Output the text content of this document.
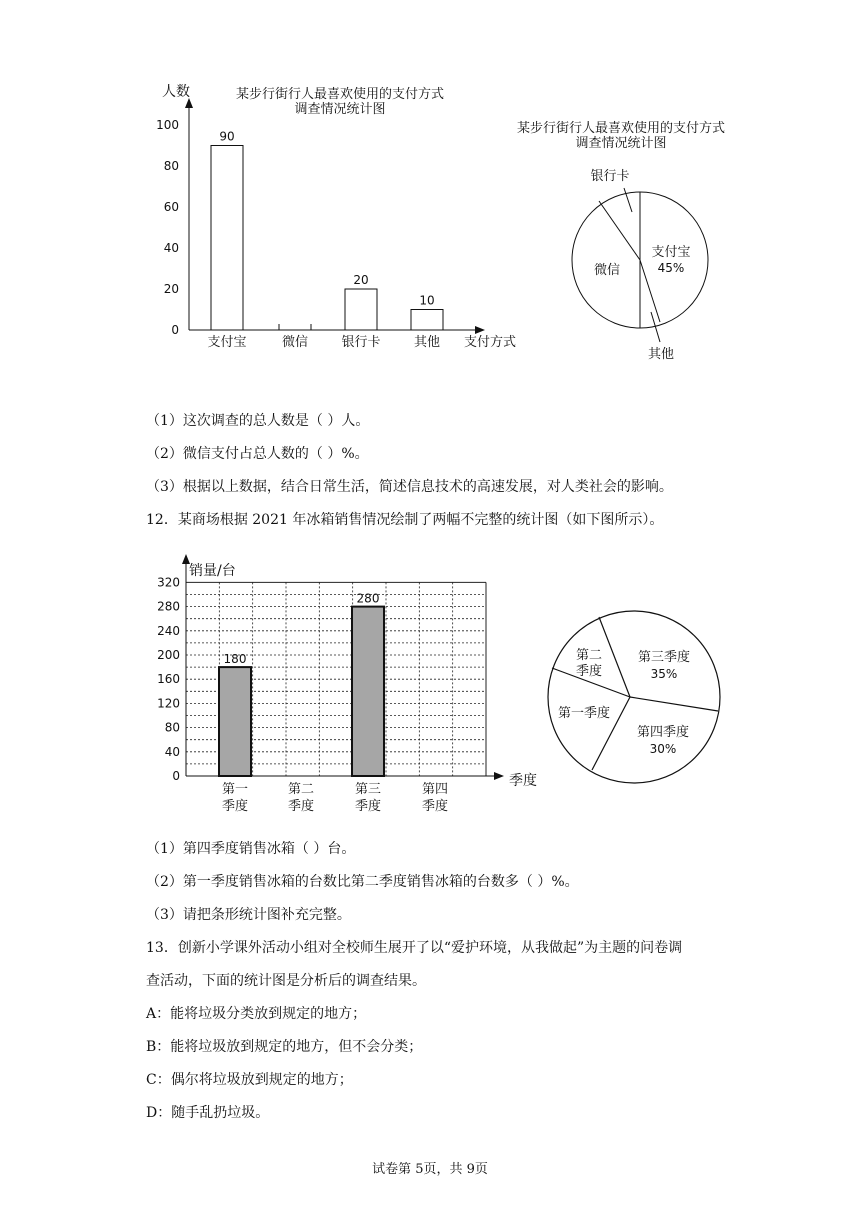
人数	某步行街行人最喜欢使用的支付方式
调查情况统计图
支付方式
100
80
60
40
20
0
支付宝
90
微信	银行卡
20
其他
10
某步行街行人最喜欢使用的支付方式
调查情况统计图
银行卡
支付宝
45%
微信
其他
（1）这次调查的总人数是（ ）人。
（2）微信支付占总人数的（ ）%。
（3）根据以上数据，结合日常生活，简述信息技术的高速发展，对人类社会的影响。
12．某商场根据 2021 年冰箱销售情况绘制了两幅不完整的统计图（如下图所示）。
销量/台
季度
320
280
240
200
160
120
80
40
0
180
280
第一
季度
第二
季度
第三
季度
第四
季度
第二
季度
第三季度
35%
第一季度
第四季度
30%
（1）第四季度销售冰箱（ ）台。
（2）第一季度销售冰箱的台数比第二季度销售冰箱的台数多（ ）%。
（3）请把条形统计图补充完整。
13．创新小学课外活动小组对全校师生展开了以“爱护环境，从我做起”为主题的问卷调
查活动，下面的统计图是分析后的调查结果。
A：能将垃圾分类放到规定的地方；
B：能将垃圾放到规定的地方，但不会分类；
C：偶尔将垃圾放到规定的地方；
D：随手乱扔垃圾。
试卷第 5页，共 9页
